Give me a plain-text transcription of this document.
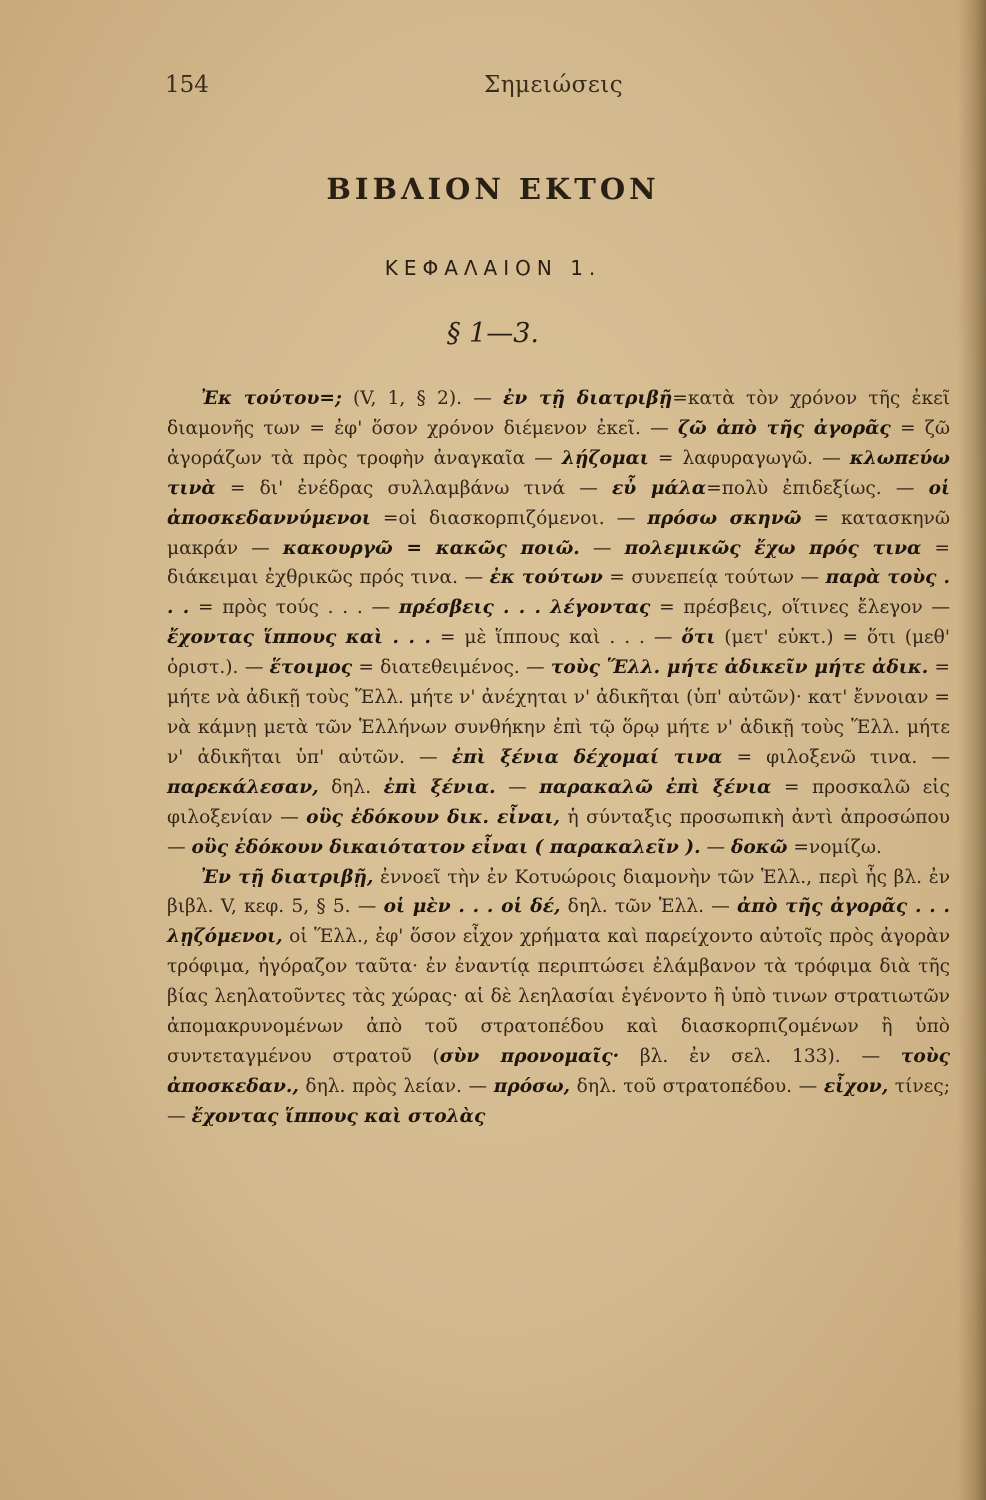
154	Σημειώσεις
ΒΙΒΛΙΟΝ ΕΚΤΟΝ
ΚΕΦΑΛΑΙΟΝ 1.
§ 1—3.

Ἐκ τούτου=; (V, 1, § 2). — ἐν τῇ διατριβῇ=κατὰ τὸν χρόνον τῆς ἐκεῖ διαμονῆς των = ἐφ' ὅσον χρόνον διέμενον ἐκεῖ. — ζῶ ἀπὸ τῆς ἀγορᾶς = ζῶ ἀγοράζων τὰ πρὸς τροφὴν ἀναγκαῖα — λῄζομαι = λαφυραγωγῶ. — κλωπεύω τινὰ = δι' ἐνέδρας συλλαμβάνω τινά — εὖ μάλα=πολὺ ἐπιδεξίως. — οἱ ἀποσκεδαννύμενοι =οἱ διασκορπιζόμενοι. — πρόσω σκηνῶ = κατασκηνῶ μακράν — κακουργῶ = κακῶς ποιῶ. — πολεμικῶς ἔχω πρός τινα = διάκειμαι ἐχθρικῶς πρός τινα. — ἐκ τούτων = συνεπείᾳ τούτων — παρὰ τοὺς . . . = πρὸς τούς . . . — πρέσβεις . . . λέγοντας = πρέσβεις, οἵτινες ἔλεγον — ἔχοντας ἵππους καὶ . . . = μὲ ἵππους καὶ . . . — ὅτι (μετ' εὐκτ.) = ὅτι (μεθ' ὁριστ.). — ἕτοιμος = διατεθειμένος. — τοὺς Ἕλλ. μήτε ἀδικεῖν μήτε ἀδικ. = μήτε νὰ ἀδικῇ τοὺς Ἕλλ. μήτε ν' ἀνέχηται ν' ἀδικῆται (ὑπ' αὐτῶν)· κατ' ἔννοιαν = νὰ κάμνῃ μετὰ τῶν Ἑλλήνων συνθήκην ἐπὶ τῷ ὅρῳ μήτε ν' ἀδικῇ τοὺς Ἕλλ. μήτε ν' ἀδικῆται ὑπ' αὐτῶν. — ἐπὶ ξένια δέχομαί τινα = φιλοξενῶ τινα. — παρεκάλεσαν, δηλ. ἐπὶ ξένια. — παρακαλῶ ἐπὶ ξένια = προσκαλῶ εἰς φιλοξενίαν — οὓς ἐδόκουν δικ. εἶναι, ἡ σύνταξις προσωπικὴ ἀντὶ ἀπροσώπου — οὓς ἐδόκουν δικαιότατον εἶναι ( παρακαλεῖν ). — δοκῶ =νομίζω.

Ἐν τῇ διατριβῇ, ἐννοεῖ τὴν ἐν Κοτυώροις διαμονὴν τῶν Ἑλλ., περὶ ἧς βλ. ἐν βιβλ. V, κεφ. 5, § 5. — οἱ μὲν . . . οἱ δέ, δηλ. τῶν Ἑλλ. — ἀπὸ τῆς ἀγορᾶς . . . λῃζόμενοι, οἱ Ἕλλ., ἐφ' ὅσον εἶχον χρήματα καὶ παρείχοντο αὐτοῖς πρὸς ἀγορὰν τρόφιμα, ἠγόραζον ταῦτα· ἐν ἐναντίᾳ περιπτώσει ἐλάμβανον τὰ τρόφιμα διὰ τῆς βίας λεηλατοῦντες τὰς χώρας· αἱ δὲ λεηλασίαι ἐγένοντο ἢ ὑπὸ τινων στρατιωτῶν ἀπομακρυνομένων ἀπὸ τοῦ στρατοπέδου καὶ διασκορπιζομένων ἢ ὑπὸ συντεταγμένου στρατοῦ (σὺν προνομαῖς· βλ. ἐν σελ. 133). — τοὺς ἀποσκεδαν., δηλ. πρὸς λείαν. — πρόσω, δηλ. τοῦ στρατοπέδου. — εἶχον, τίνες; — ἔχοντας ἵππους καὶ στολὰς
